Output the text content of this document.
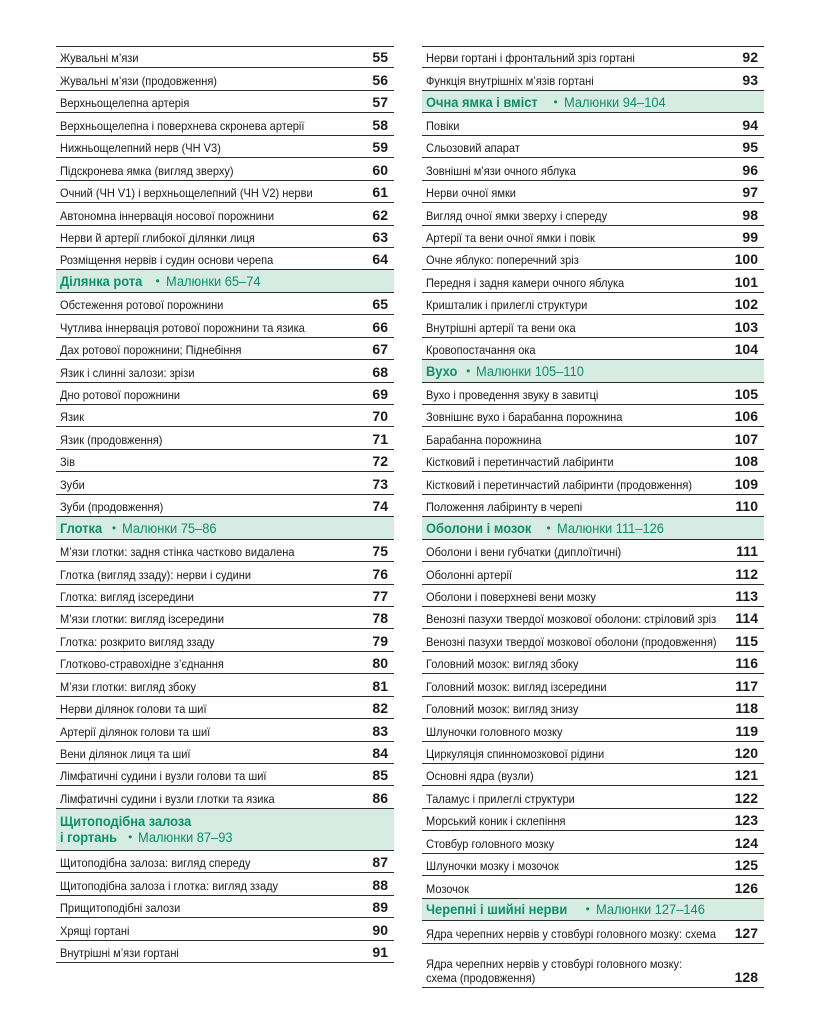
Жувальні м’язи	55
Жувальні м’язи (продовження)	56
Верхньощелепна артерія	57
Верхньощелепна і поверхнева скронева артерії	58
Нижньощелепний нерв (ЧН V3)	59
Підскронева ямка (вигляд зверху)	60
Очний (ЧН V1) і верхньощелепний (ЧН V2) нерви	61
Автономна іннервація носової порожнини	62
Нерви й артерії глибокої ділянки лиця	63
Розміщення нервів і судин основи черепа	64
Ділянка рота • Малюнки 65–74
Обстеження ротової порожнини	65
Чутлива іннервація ротової порожнини та язика	66
Дах ротової порожнини; Піднебіння	67
Язик і слинні залози: зрізи	68
Дно ротової порожнини	69
Язик	70
Язик (продовження)	71
Зів	72
Зуби	73
Зуби (продовження)	74
Глотка • Малюнки 75–86
М’язи глотки: задня стінка частково видалена	75
Глотка (вигляд ззаду): нерви і судини	76
Глотка: вигляд ізсередини	77
М’язи глотки: вигляд ізсередини	78
Глотка: розкрито вигляд ззаду	79
Глотково-стравохідне з’єднання	80
М’язи глотки: вигляд збоку	81
Нерви ділянок голови та шиї	82
Артерії ділянок голови та шиї	83
Вени ділянок лиця та шиї	84
Лімфатичні судини і вузли голови та шиї	85
Лімфатичні судини і вузли глотки та язика	86
Щитоподібна залоза
і гортань • Малюнки 87–93
Щитоподібна залоза: вигляд спереду	87
Щитоподібна залоза і глотка: вигляд ззаду	88
Прищитоподібні залози	89
Хрящі гортані	90
Внутрішні м’язи гортані	91
Нерви гортані і фронтальний зріз гортані	92
Функція внутрішніх м’язів гортані	93
Очна ямка і вміст • Малюнки 94–104
Повіки	94
Сльозовий апарат	95
Зовнішні м’язи очного яблука	96
Нерви очної ямки	97
Вигляд очної ямки зверху і спереду	98
Артерії та вени очної ямки і повік	99
Очне яблуко: поперечний зріз	100
Передня і задня камери очного яблука	101
Кришталик і прилеглі структури	102
Внутрішні артерії та вени ока	103
Кровопостачання ока	104
Вухо • Малюнки 105–110
Вухо і проведення звуку в завитці	105
Зовнішнє вухо і барабанна порожнина	106
Барабанна порожнина	107
Кістковий і перетинчастий лабіринти	108
Кістковий і перетинчастий лабіринти (продовження)	109
Положення лабіринту в черепі	110
Оболони і мозок • Малюнки 111–126
Оболони і вени губчатки (диплоїтичні)	111
Оболонні артерії	112
Оболони і поверхневі вени мозку	113
Венозні пазухи твердої мозкової оболони: стріловий зріз 114
Венозні пазухи твердої мозкової оболони (продовження) 115
Головний мозок: вигляд збоку	116
Головний мозок: вигляд ізсередини	117
Головний мозок: вигляд знизу	118
Шлуночки головного мозку	119
Циркуляція спинномозкової рідини	120
Основні ядра (вузли)	121
Таламус і прилеглі структури	122
Морський коник і склепіння	123
Стовбур головного мозку	124
Шлуночки мозку і мозочок	125
Мозочок	126
Черепні і шийні нерви • Малюнки 127–146
Ядра черепних нервів у стовбурі головного мозку: схема 127
Ядра черепних нервів у стовбурі головного мозку: схема (продовження)	128
